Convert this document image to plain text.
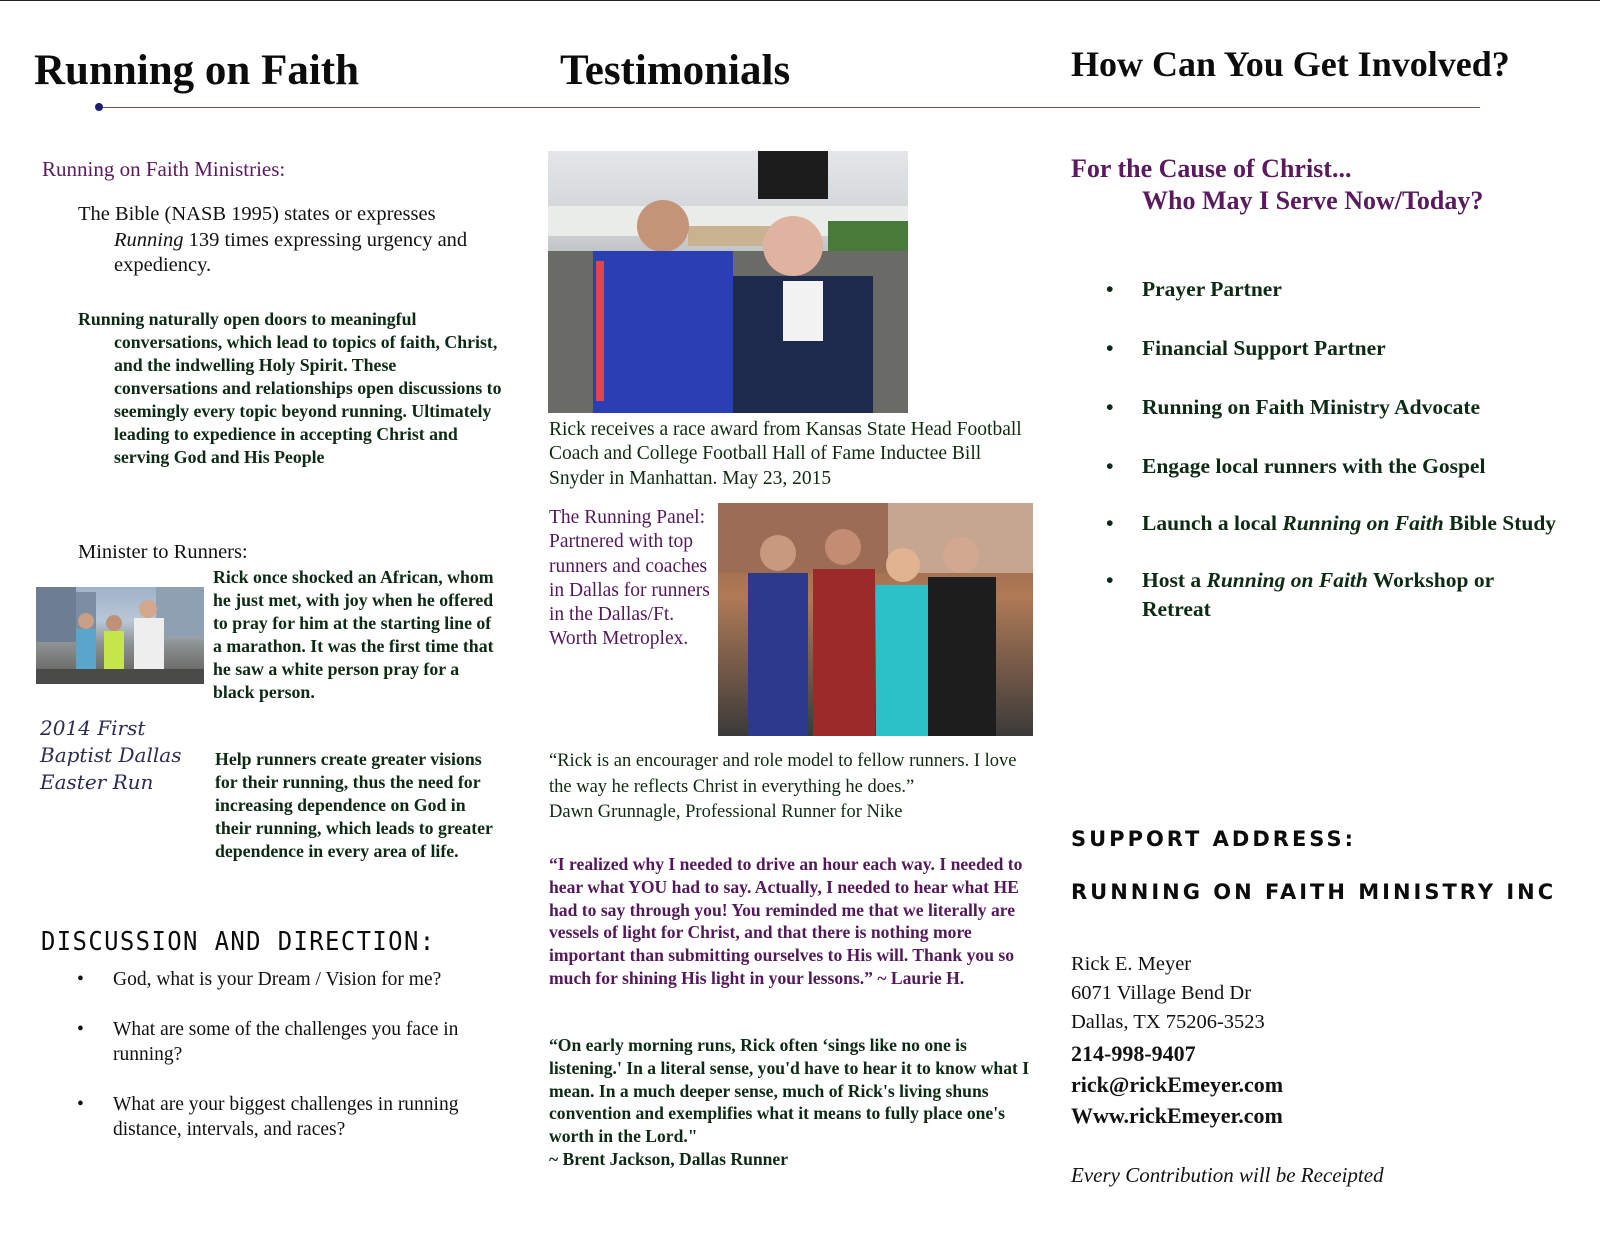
Running on Faith	Testimonials	How Can You Get Involved?
Running on Faith Ministries:

The Bible (NASB 1995) states or expresses Running 139 times expressing urgency and expediency.

Running naturally open doors to meaningful conversations, which lead to topics of faith, Christ, and the indwelling Holy Spirit. These conversations and relationships open discussions to seemingly every topic beyond running. Ultimately leading to expedience in accepting Christ and serving God and His People

Minister to Runners:

Rick once shocked an African, whom he just met, with joy when he offered to pray for him at the starting line of a marathon. It was the first time that he saw a white person pray for a black person.

2014 First Baptist Dallas Easter Run

Help runners create greater visions for their running, thus the need for increasing dependence on God in their running, which leads to greater dependence in every area of life.

DISCUSSION AND DIRECTION:
• God, what is your Dream / Vision for me?
• What are some of the challenges you face in running?
• What are your biggest challenges in running distance, intervals, and races?
Rick receives a race award from Kansas State Head Football Coach and College Football Hall of Fame Inductee Bill Snyder in Manhattan. May 23, 2015
The Running Panel: Partnered with top runners and coaches in Dallas for runners in the Dallas/Ft. Worth Metroplex.

“Rick is an encourager and role model to fellow runners. I love the way he reflects Christ in everything he does.”

Dawn Grunnagle, Professional Runner for Nike

“I realized why I needed to drive an hour each way. I needed to hear what YOU had to say. Actually, I needed to hear what HE had to say through you! You reminded me that we literally are vessels of light for Christ, and that there is nothing more important than submitting ourselves to His will. Thank you so much for shining His light in your lessons.” ~ Laurie H.

“On early morning runs, Rick often ‘sings like no one is listening.' In a literal sense, you'd have to hear it to know what I mean. In a much deeper sense, much of Rick's living shuns convention and exemplifies what it means to fully place one's worth in the Lord."

~ Brent Jackson, Dallas Runner

For the Cause of Christ...
Who May I Serve Now/Today?
• Prayer Partner
• Financial Support Partner
• Running on Faith Ministry Advocate
• Engage local runners with the Gospel
• Launch a local Running on Faith Bible Study
• Host a Running on Faith Workshop or Retreat
SUPPORT ADDRESS:
RUNNING ON FAITH MINISTRY INC
Rick E. Meyer
6071 Village Bend Dr
Dallas, TX 75206-3523
214-998-9407
rick@rickEmeyer.com
Www.rickEmeyer.com
Every Contribution will be Receipted
